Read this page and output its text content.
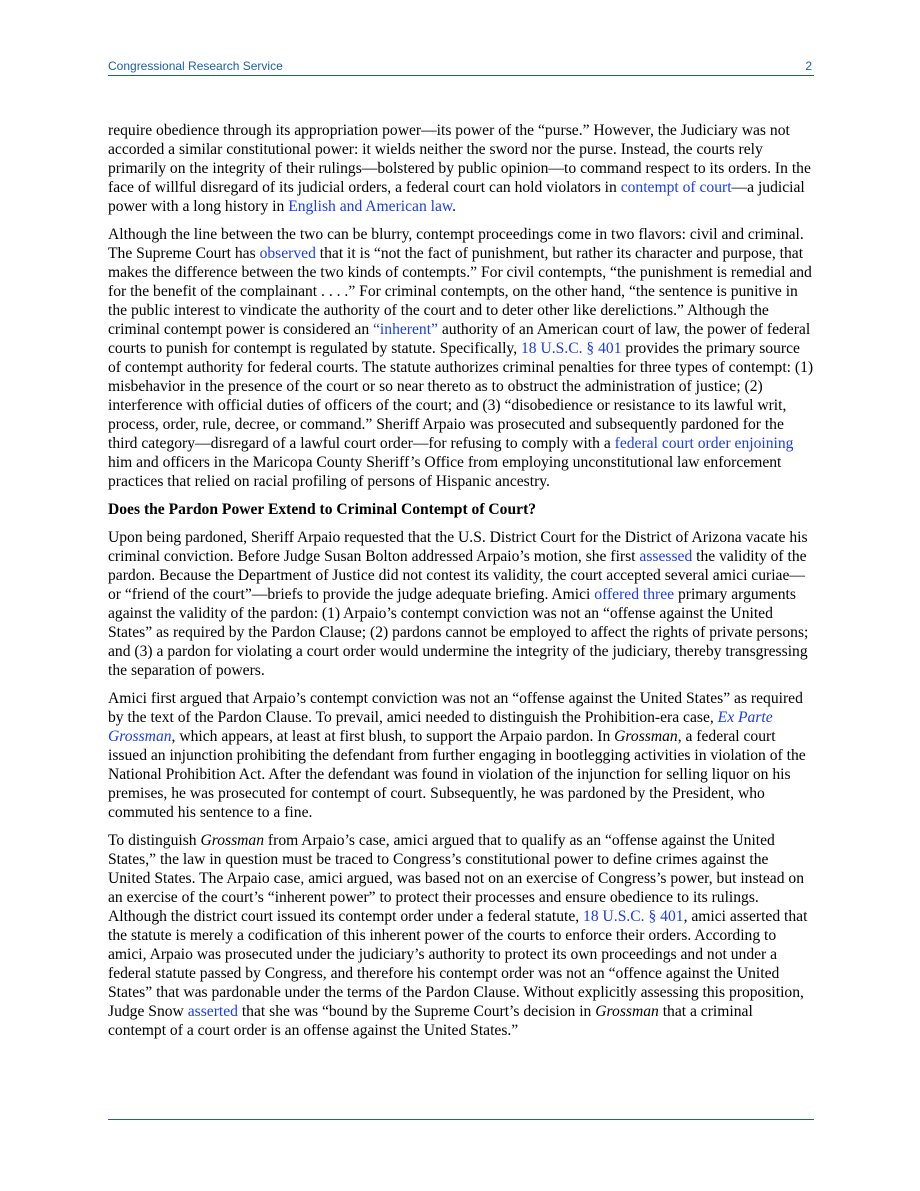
Congressional Research Service	2

require obedience through its appropriation power—its power of the “purse.” However, the Judiciary was not accorded a similar constitutional power: it wields neither the sword nor the purse. Instead, the courts rely primarily on the integrity of their rulings—bolstered by public opinion—to command respect to its orders. In the face of willful disregard of its judicial orders, a federal court can hold violators in contempt of court—a judicial power with a long history in English and American law.

Although the line between the two can be blurry, contempt proceedings come in two flavors: civil and criminal. The Supreme Court has observed that it is “not the fact of punishment, but rather its character and purpose, that makes the difference between the two kinds of contempts.” For civil contempts, “the punishment is remedial and for the benefit of the complainant . . . .” For criminal contempts, on the other hand, “the sentence is punitive in the public interest to vindicate the authority of the court and to deter other like derelictions.” Although the criminal contempt power is considered an “inherent” authority of an American court of law, the power of federal courts to punish for contempt is regulated by statute. Specifically, 18 U.S.C. § 401 provides the primary source of contempt authority for federal courts. The statute authorizes criminal penalties for three types of contempt: (1) misbehavior in the presence of the court or so near thereto as to obstruct the administration of justice; (2) interference with official duties of officers of the court; and (3) “disobedience or resistance to its lawful writ, process, order, rule, decree, or command.” Sheriff Arpaio was prosecuted and subsequently pardoned for the third category—disregard of a lawful court order—for refusing to comply with a federal court order enjoining him and officers in the Maricopa County Sheriff’s Office from employing unconstitutional law enforcement practices that relied on racial profiling of persons of Hispanic ancestry.

Does the Pardon Power Extend to Criminal Contempt of Court?

Upon being pardoned, Sheriff Arpaio requested that the U.S. District Court for the District of Arizona vacate his criminal conviction. Before Judge Susan Bolton addressed Arpaio’s motion, she first assessed the validity of the pardon. Because the Department of Justice did not contest its validity, the court accepted several amici curiae—or “friend of the court”—briefs to provide the judge adequate briefing. Amici offered three primary arguments against the validity of the pardon: (1) Arpaio’s contempt conviction was not an “offense against the United States” as required by the Pardon Clause; (2) pardons cannot be employed to affect the rights of private persons; and (3) a pardon for violating a court order would undermine the integrity of the judiciary, thereby transgressing the separation of powers.

Amici first argued that Arpaio’s contempt conviction was not an “offense against the United States” as required by the text of the Pardon Clause. To prevail, amici needed to distinguish the Prohibition-era case, Ex Parte Grossman, which appears, at least at first blush, to support the Arpaio pardon. In Grossman, a federal court issued an injunction prohibiting the defendant from further engaging in bootlegging activities in violation of the National Prohibition Act. After the defendant was found in violation of the injunction for selling liquor on his premises, he was prosecuted for contempt of court. Subsequently, he was pardoned by the President, who commuted his sentence to a fine.

To distinguish Grossman from Arpaio’s case, amici argued that to qualify as an “offense against the United States,” the law in question must be traced to Congress’s constitutional power to define crimes against the United States. The Arpaio case, amici argued, was based not on an exercise of Congress’s power, but instead on an exercise of the court’s “inherent power” to protect their processes and ensure obedience to its rulings. Although the district court issued its contempt order under a federal statute, 18 U.S.C. § 401, amici asserted that the statute is merely a codification of this inherent power of the courts to enforce their orders. According to amici, Arpaio was prosecuted under the judiciary’s authority to protect its own proceedings and not under a federal statute passed by Congress, and therefore his contempt order was not an “offence against the United States” that was pardonable under the terms of the Pardon Clause. Without explicitly assessing this proposition, Judge Snow asserted that she was “bound by the Supreme Court’s decision in Grossman that a criminal contempt of a court order is an offense against the United States.”
